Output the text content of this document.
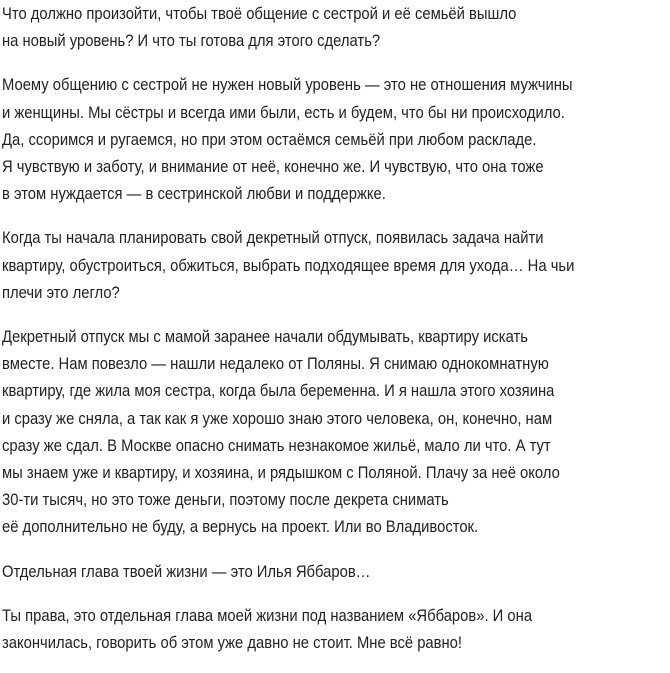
Что должно произойти, чтобы твоё общение с сестрой и её семьёй вышло
на новый уровень? И что ты готова для этого сделать?

Моему общению с сестрой не нужен новый уровень — это не отношения мужчины
и женщины. Мы сёстры и всегда ими были, есть и будем, что бы ни происходило.
Да, ссоримся и ругаемся, но при этом остаёмся семьёй при любом раскладе.
Я чувствую и заботу, и внимание от неё, конечно же. И чувствую, что она тоже
в этом нуждается — в сестринской любви и поддержке.

Когда ты начала планировать свой декретный отпуск, появилась задача найти
квартиру, обустроиться, обжиться, выбрать подходящее время для ухода… На чьи
плечи это легло?

Декретный отпуск мы с мамой заранее начали обдумывать, квартиру искать
вместе. Нам повезло — нашли недалеко от Поляны. Я снимаю однокомнатную
квартиру, где жила моя сестра, когда была беременна. И я нашла этого хозяина
и сразу же сняла, а так как я уже хорошо знаю этого человека, он, конечно, нам
сразу же сдал. В Москве опасно снимать незнакомое жильё, мало ли что. А тут
мы знаем уже и квартиру, и хозяина, и рядышком с Поляной. Плачу за неё около
30-ти тысяч, но это тоже деньги, поэтому после декрета снимать
её дополнительно не буду, а вернусь на проект. Или во Владивосток.

Отдельная глава твоей жизни — это Илья Яббаров…

Ты права, это отдельная глава моей жизни под названием «Яббаров». И она
закончилась, говорить об этом уже давно не стоит. Мне всё равно!
